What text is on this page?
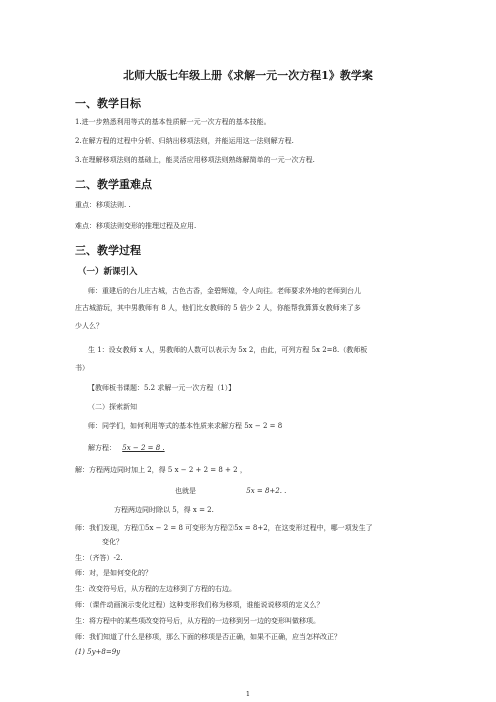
北师大版七年级上册《求解一元一次方程1》教学案
一、教学目标
1.进一步熟悉利用等式的基本性质解一元一次方程的基本技能。
2.在解方程的过程中分析、归纳出移项法则，并能运用这一法则解方程.
3.在理解移项法则的基础上，能灵活应用移项法则熟练解简单的一元一次方程.
二、教学重难点
重点：移项法则. .
难点：移项法则变形的推理过程及应用.
三、教学过程
（一）新课引入
师：重建后的台儿庄古城，古色古香，金碧辉煌，令人向往。老师要求外地的老师到台儿
庄古城游玩，其中男教师有 8 人，他们比女教师的 5 倍少 2 人，你能帮我算算女教师来了多
少人么？
生 1：设女教师 x 人，男教师的人数可以表示为 5x 2，由此，可列方程 5x 2=8.（教师板
书）
【教师板书课题：5.2 求解一元一次方程（1）】
（二）探索新知
师：同学们，如何利用等式的基本性质来求解方程 5x − 2 = 8
解方程： 5x − 2 = 8 .
解：方程两边同时加上 2，得 5 x − 2 + 2 = 8 + 2 ，
也就是	5x = 8+2. .
方程两边同时除以 5，得 x = 2.
师：我们发现，方程①5x − 2 = 8 可变形为方程②5x = 8+2，在这变形过程中，哪一项发生了
变化？
生：（齐答）-2.
师：对，是如何变化的？
生：改变符号后，从方程的左边移到了方程的右边。
师：（课件动画演示变化过程）这种变形我们称为移项，谁能说说移项的定义么？
生：将方程中的某些项改变符号后，从方程的一边移到另一边的变形叫做移项。
师：我们知道了什么是移项，那么下面的移项是否正确，如果不正确，应当怎样改正？
(1) 5y+8=9y
1
